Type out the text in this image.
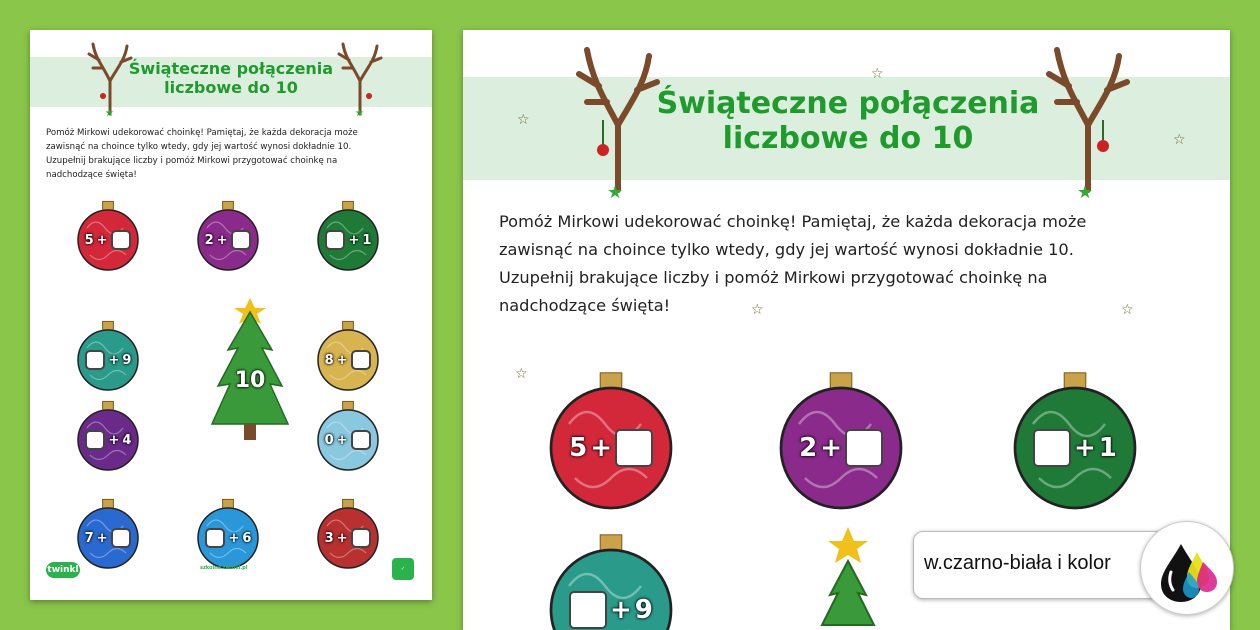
★	★
Świąteczne połączenia
liczbowe do 10
Pomóż Mirkowi udekorować choinkę! Pamiętaj, że każda dekoracja może
zawisnąć na choince tylko wtedy, gdy jej wartość wynosi dokładnie 10.
Uzupełnij brakujące liczby i pomóż Mirkowi przygotować choinkę na
nadchodzące święta!
5 +	2 +	+ 1
+ 9	8 +
+ 4	0 +
7 +	+ 6	3 +
10
twinkl	szkolne.twinkl.pl	✓
★	★
Świąteczne połączenia
liczbowe do 10
☆
☆
☆
☆	☆
☆
Pomóż Mirkowi udekorować choinkę! Pamiętaj, że każda dekoracja może
zawisnąć na choince tylko wtedy, gdy jej wartość wynosi dokładnie 10.
Uzupełnij brakujące liczby i pomóż Mirkowi przygotować choinkę na
nadchodzące święta!
5 +	2 +	+ 1
+ 9
w.czarno-biała i kolor
